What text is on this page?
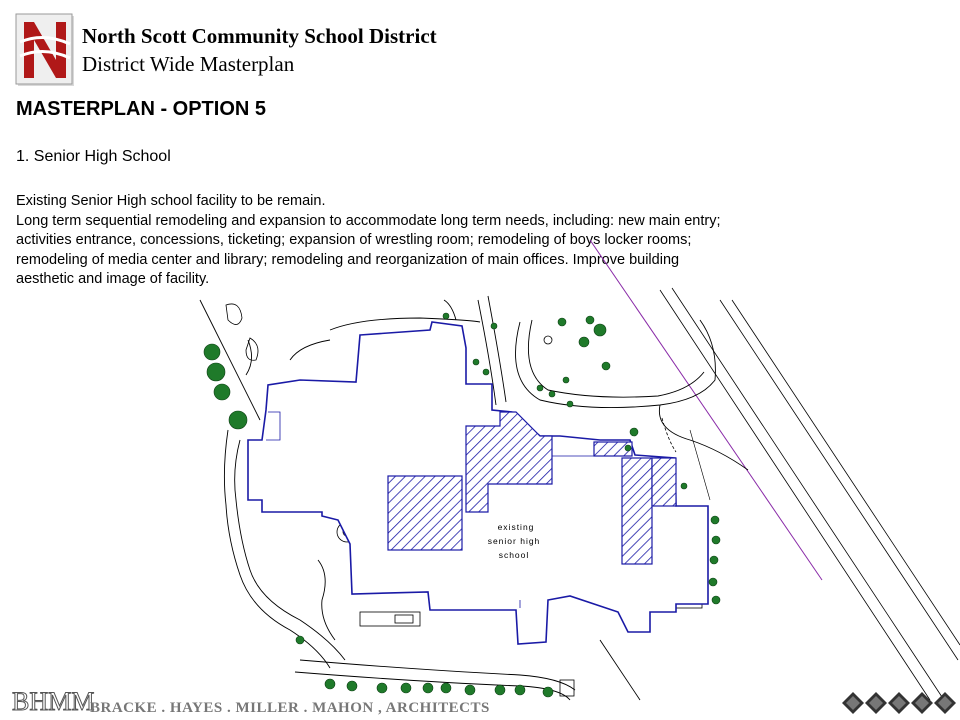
North Scott Community School District

District Wide Masterplan

MASTERPLAN - OPTION 5

1. Senior High School

Existing Senior High school facility to be remain.
Long term sequential remodeling and expansion to accommodate long term needs, including: new main entry;
activities entrance, concessions, ticketing; expansion of wrestling room; remodeling of boys locker rooms;
remodeling of media center and library; remodeling and reorganization of main offices. Improve building
aesthetic and image of facility.
existing
senior high
school
BHMM

BRACKE . HAYES . MILLER . MAHON , ARCHITECTS
